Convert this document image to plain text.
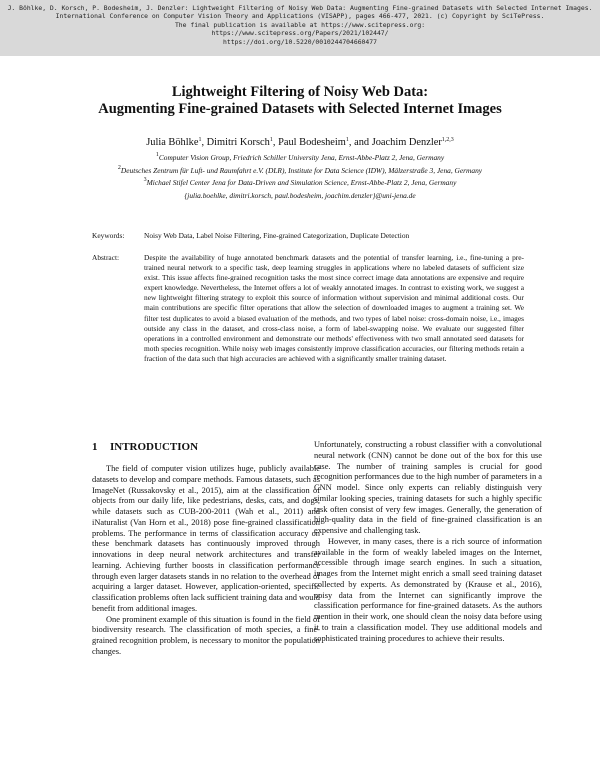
J. Böhlke, D. Korsch, P. Bodesheim, J. Denzler: Lightweight Filtering of Noisy Web Data: Augmenting Fine-grained Datasets with Selected Internet Images.
International Conference on Computer Vision Theory and Applications (VISAPP), pages 466-477, 2021. (c) Copyright by SciTePress.
The final publication is available at https://www.scitepress.org:
https://www.scitepress.org/Papers/2021/102447/
https://doi.org/10.5220/0010244704660477
Lightweight Filtering of Noisy Web Data:
Augmenting Fine-grained Datasets with Selected Internet Images
Julia Böhlke$^1$, Dimitri Korsch$^1$, Paul Bodesheim$^1$, and Joachim Denzler$^{1,2,3}$
$^1$Computer Vision Group, Friedrich Schiller University Jena, Ernst-Abbe-Platz 2, Jena, Germany
$^2$Deutsches Zentrum für Luft- und Raumfahrt e.V. (DLR), Institute for Data Science (IDW), Mälzerstraße 3, Jena, Germany
$^3$Michael Stifel Center Jena for Data-Driven and Simulation Science, Ernst-Abbe-Platz 2, Jena, Germany
{julia.boehlke, dimitri.korsch, paul.bodesheim, joachim.denzler}@uni-jena.de
Keywords:	Noisy Web Data, Label Noise Filtering, Fine-grained Categorization, Duplicate Detection
Abstract:	Despite the availability of huge annotated benchmark datasets and the potential of transfer learning, i.e., fine-tuning a pre-trained neural network to a specific task, deep learning struggles in applications where no labeled datasets of sufficient size exist. This issue affects fine-grained recognition tasks the most since correct image data annotations are expensive and require expert knowledge. Nevertheless, the Internet offers a lot of weakly annotated images. In contrast to existing work, we suggest a new lightweight filtering strategy to exploit this source of information without supervision and minimal additional costs. Our main contributions are specific filter operations that allow the selection of downloaded images to augment a training set. We filter test duplicates to avoid a biased evaluation of the methods, and two types of label noise: cross-domain noise, i.e., images outside any class in the dataset, and cross-class noise, a form of label-swapping noise. We evaluate our suggested filter operations in a controlled environment and demonstrate our methods' effectiveness with two small annotated seed datasets for moth species recognition. While noisy web images consistently improve classification accuracies, our filtering methods retain a fraction of the data such that high accuracies are achieved with a significantly smaller training dataset.
1 INTRODUCTION

The field of computer vision utilizes huge, publicly available datasets to develop and compare methods. Famous datasets, such as ImageNet (Russakovsky et al., 2015), aim at the classification of objects from our daily life, like pedestrians, desks, cats, and dogs, while datasets such as CUB-200-2011 (Wah et al., 2011) and iNaturalist (Van Horn et al., 2018) pose fine-grained classification problems. The performance in terms of classification accuracy on these benchmark datasets has continuously improved through innovations in deep neural network architectures and transfer learning. Achieving further boosts in classification performance through even larger datasets stands in no relation to the overhead of acquiring a larger dataset. However, application-oriented, specific classification problems often lack sufficient training data and would benefit from additional images.

One prominent example of this situation is found in the field of biodiversity research. The classification of moth species, a fine-grained recognition problem, is necessary to monitor the population changes.

Unfortunately, constructing a robust classifier with a convolutional neural network (CNN) cannot be done out of the box for this use case. The number of training samples is crucial for good recognition performances due to the high number of parameters in a CNN model. Since only experts can reliably distinguish very similar looking species, training datasets for such a highly specific task often consist of very few images. Generally, the generation of high-quality data in the field of fine-grained classification is an expensive and challenging task.

However, in many cases, there is a rich source of information available in the form of weakly labeled images on the Internet, accessible through image search engines. In such a situation, images from the Internet might enrich a small seed training dataset collected by experts. As demonstrated by (Krause et al., 2016), noisy data from the Internet can significantly improve the classification performance for fine-grained datasets. As the authors mention in their work, one should clean the noisy data before using it to train a classification model. They use additional models and sophisticated training procedures to achieve their results.
